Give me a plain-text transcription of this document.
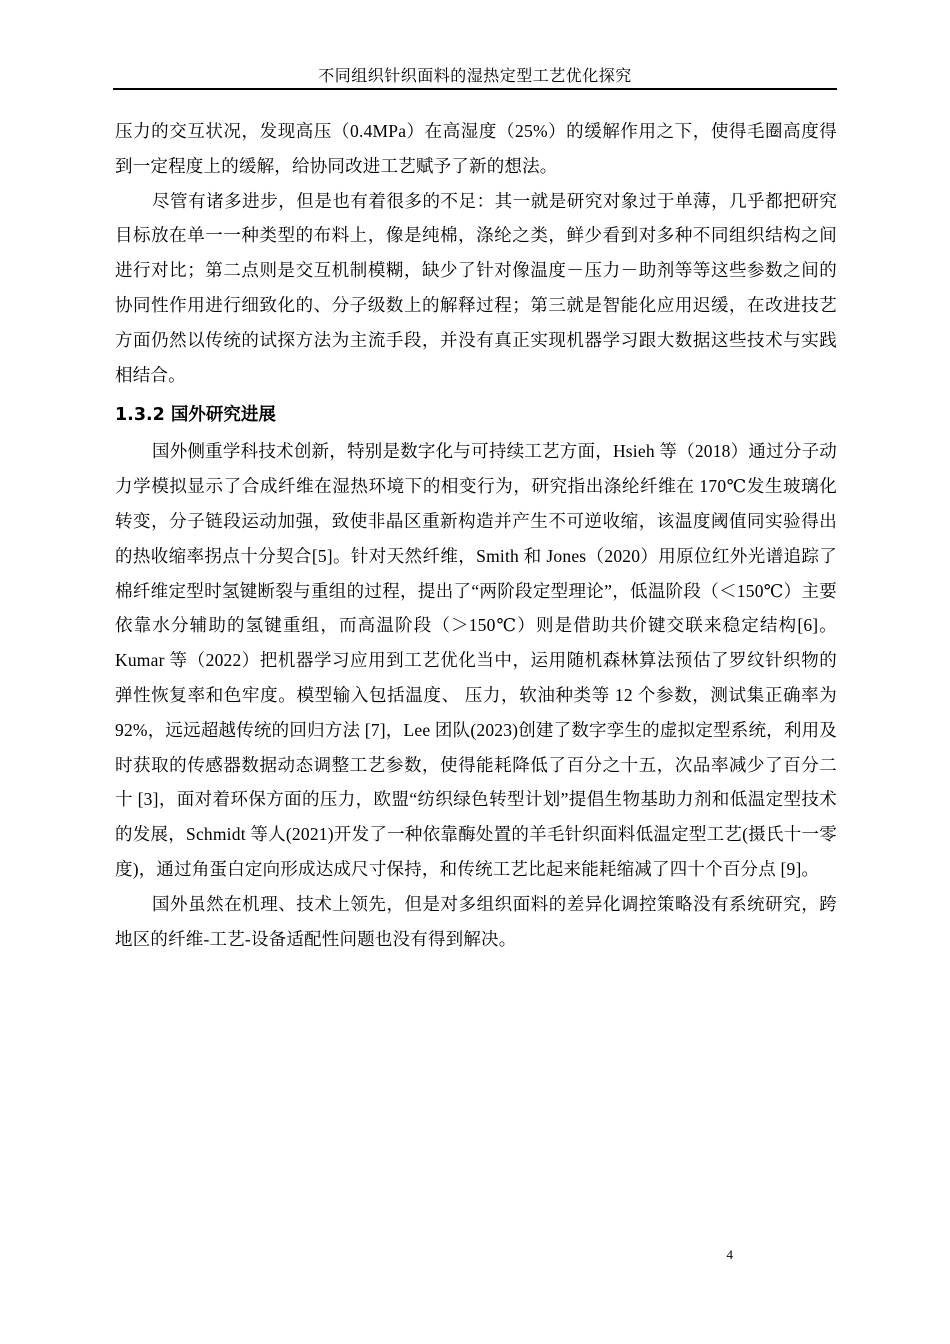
不同组织针织面料的湿热定型工艺优化探究

压力的交互状况，发现高压（0.4MPa）在高湿度（25%）的缓解作用之下，使得毛圈高度得到一定程度上的缓解，给协同改进工艺赋予了新的想法。

尽管有诸多进步，但是也有着很多的不足：其一就是研究对象过于单薄，几乎都把研究目标放在单一一种类型的布料上，像是纯棉，涤纶之类，鲜少看到对多种不同组织结构之间进行对比；第二点则是交互机制模糊，缺少了针对像温度－压力－助剂等等这些参数之间的协同性作用进行细致化的、分子级数上的解释过程；第三就是智能化应用迟缓，在改进技艺方面仍然以传统的试探方法为主流手段，并没有真正实现机器学习跟大数据这些技术与实践相结合。

1.3.2 国外研究进展

国外侧重学科技术创新，特别是数字化与可持续工艺方面，Hsieh 等（2018）通过分子动力学模拟显示了合成纤维在湿热环境下的相变行为，研究指出涤纶纤维在 170℃发生玻璃化转变，分子链段运动加强，致使非晶区重新构造并产生不可逆收缩，该温度阈值同实验得出的热收缩率拐点十分契合[5]。针对天然纤维，Smith 和 Jones（2020）用原位红外光谱追踪了棉纤维定型时氢键断裂与重组的过程，提出了“两阶段定型理论”，低温阶段（＜150℃）主要依靠水分辅助的氢键重组，而高温阶段（＞150℃）则是借助共价键交联来稳定结构[6]。Kumar 等（2022）把机器学习应用到工艺优化当中，运用随机森林算法预估了罗纹针织物的弹性恢复率和色牢度。模型输入包括温度、 压力，软油种类等 12 个参数，测试集正确率为 92%，远远超越传统的回归方法 [7]，Lee 团队(2023)创建了数字孪生的虚拟定型系统，利用及时获取的传感器数据动态调整工艺参数，使得能耗降低了百分之十五，次品率减少了百分二十 [3]，面对着环保方面的压力，欧盟“纺织绿色转型计划”提倡生物基助力剂和低温定型技术的发展，Schmidt 等人(2021)开发了一种依靠酶处置的羊毛针织面料低温定型工艺(摄氏十一零度)，通过角蛋白定向形成达成尺寸保持，和传统工艺比起来能耗缩减了四十个百分点 [9]。

国外虽然在机理、技术上领先，但是对多组织面料的差异化调控策略没有系统研究，跨地区的纤维-工艺-设备适配性问题也没有得到解决。

4
